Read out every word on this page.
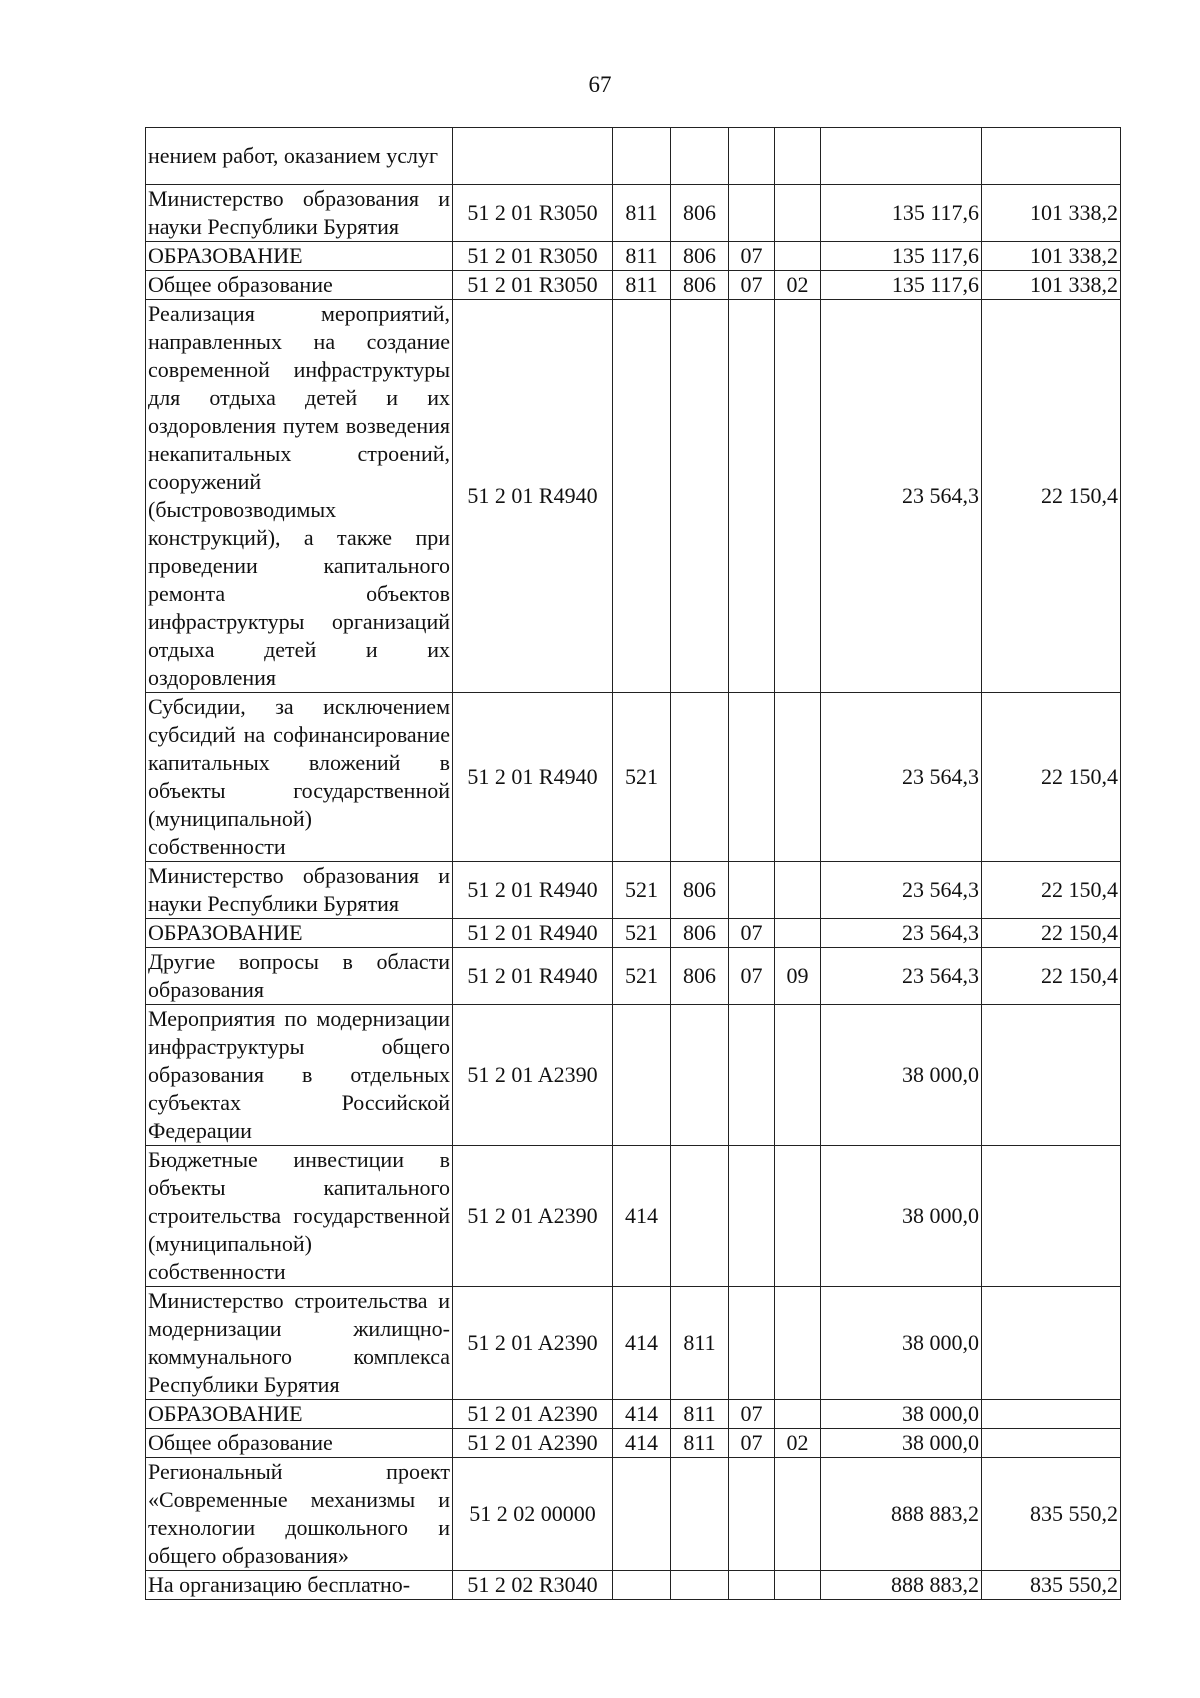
67
нением работ, оказанием услуг							
Министерство образования и науки Республики Бурятия	51 2 01 R3050	811	806			135 117,6	101 338,2
ОБРАЗОВАНИЕ	51 2 01 R3050	811	806	07		135 117,6	101 338,2
Общее образование	51 2 01 R3050	811	806	07	02	135 117,6	101 338,2
Реализация мероприятий, направленных на создание современной инфраструктуры для отдыха детей и их оздоровления путем возведения некапитальных строений, сооружений (быстровозводимых конструкций), а также при проведении капитального ремонта объектов инфраструктуры организаций отдыха детей и их оздоровления	51 2 01 R4940					23 564,3	22 150,4
Субсидии, за исключением субсидий на софинансирование капитальных вложений в объекты государственной (муниципальной) собственности	51 2 01 R4940	521				23 564,3	22 150,4
Министерство образования и науки Республики Бурятия	51 2 01 R4940	521	806			23 564,3	22 150,4
ОБРАЗОВАНИЕ	51 2 01 R4940	521	806	07		23 564,3	22 150,4
Другие вопросы в области образования	51 2 01 R4940	521	806	07	09	23 564,3	22 150,4
Мероприятия по модернизации инфраструктуры общего образования в отдельных субъектах Российской Федерации	51 2 01 A2390					38 000,0	
Бюджетные инвестиции в объекты капитального строительства государственной (муниципальной) собственности	51 2 01 A2390	414				38 000,0	
Министерство строительства и модернизации жилищно-коммунального комплекса Республики Бурятия	51 2 01 A2390	414	811			38 000,0	
ОБРАЗОВАНИЕ	51 2 01 A2390	414	811	07		38 000,0	
Общее образование	51 2 01 A2390	414	811	07	02	38 000,0	
Региональный проект «Современные механизмы и технологии дошкольного и общего образования»	51 2 02 00000					888 883,2	835 550,2
На организацию бесплатно-	51 2 02 R3040					888 883,2	835 550,2
